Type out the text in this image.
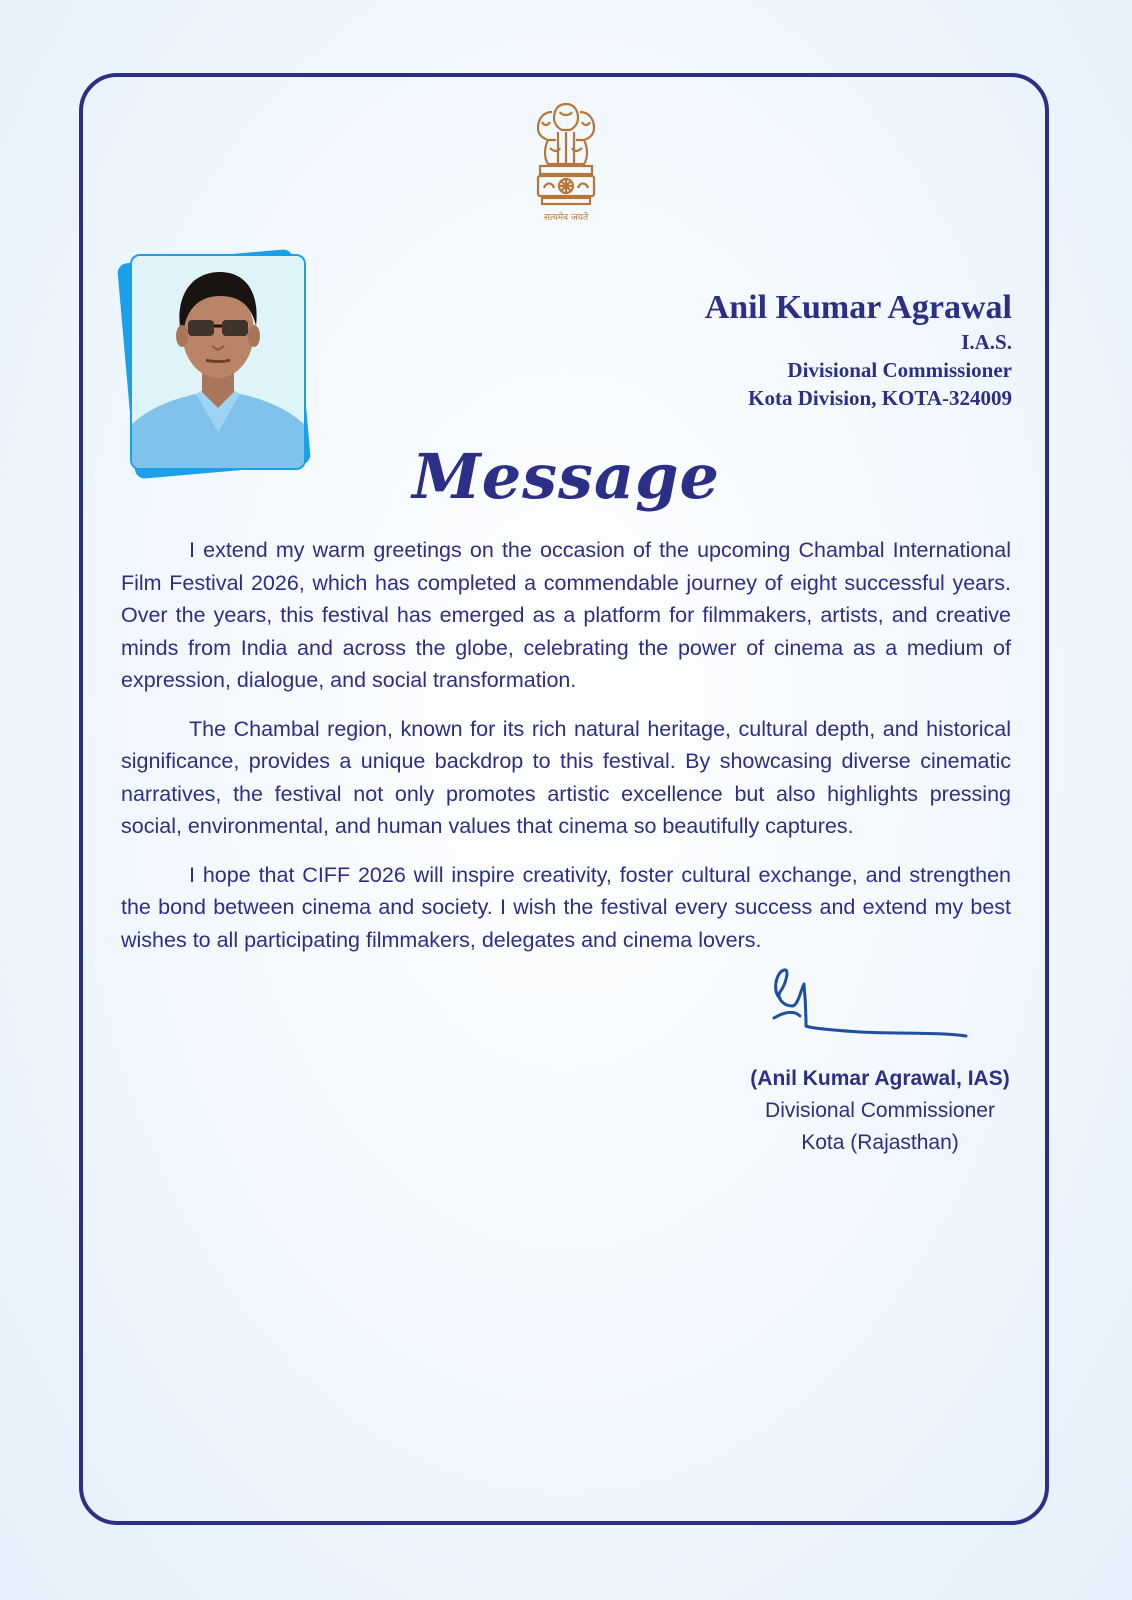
सत्यमेव जयते
Anil Kumar Agrawal
I.A.S.
Divisional Commissioner
Kota Division, KOTA-324009
Message

I extend my warm greetings on the occasion of the upcoming Chambal International Film Festival 2026, which has completed a commendable journey of eight successful years. Over the years, this festival has emerged as a platform for filmmakers, artists, and creative minds from India and across the globe, celebrating the power of cinema as a medium of expression, dialogue, and social transformation.

The Chambal region, known for its rich natural heritage, cultural depth, and historical significance, provides a unique backdrop to this festival. By showcasing diverse cinematic narratives, the festival not only promotes artistic excellence but also highlights pressing social, environmental, and human values that cinema so beautifully captures.

I hope that CIFF 2026 will inspire creativity, foster cultural exchange, and strengthen the bond between cinema and society. I wish the festival every success and extend my best wishes to all participating filmmakers, delegates and cinema lovers.

(Anil Kumar Agrawal, IAS)
Divisional Commissioner
Kota (Rajasthan)
